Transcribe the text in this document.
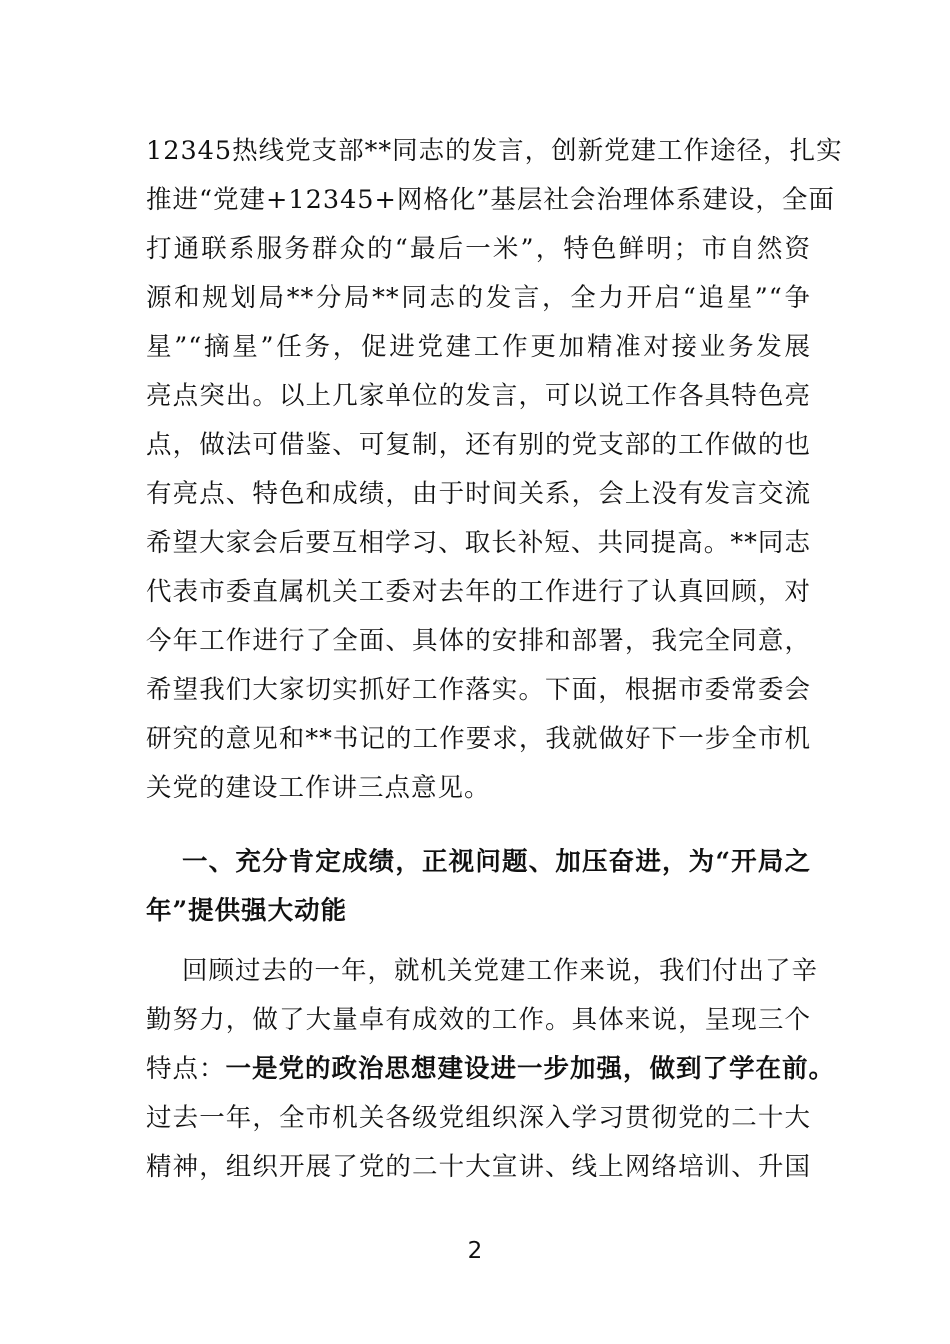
12345热线党支部**同志的发言，创新党建工作途径，扎实
推进“党建+12345+网格化”基层社会治理体系建设，全面
打通联系服务群众的“最后一米”，特色鲜明；市自然资
源和规划局**分局**同志的发言，全力开启“追星”“争
星”“摘星”任务，促进党建工作更加精准对接业务发展
亮点突出。以上几家单位的发言，可以说工作各具特色亮
点，做法可借鉴、可复制，还有别的党支部的工作做的也
有亮点、特色和成绩，由于时间关系，会上没有发言交流
希望大家会后要互相学习、取长补短、共同提高。**同志
代表市委直属机关工委对去年的工作进行了认真回顾，对
今年工作进行了全面、具体的安排和部署，我完全同意，
希望我们大家切实抓好工作落实。下面，根据市委常委会
研究的意见和**书记的工作要求，我就做好下一步全市机
关党的建设工作讲三点意见。
一、充分肯定成绩，正视问题、加压奋进，为“开局之
年”提供强大动能
回顾过去的一年，就机关党建工作来说，我们付出了辛
勤努力，做了大量卓有成效的工作。具体来说，呈现三个
特点：一是党的政治思想建设进一步加强，做到了学在前。
过去一年，全市机关各级党组织深入学习贯彻党的二十大
精神，组织开展了党的二十大宣讲、线上网络培训、升国
2
